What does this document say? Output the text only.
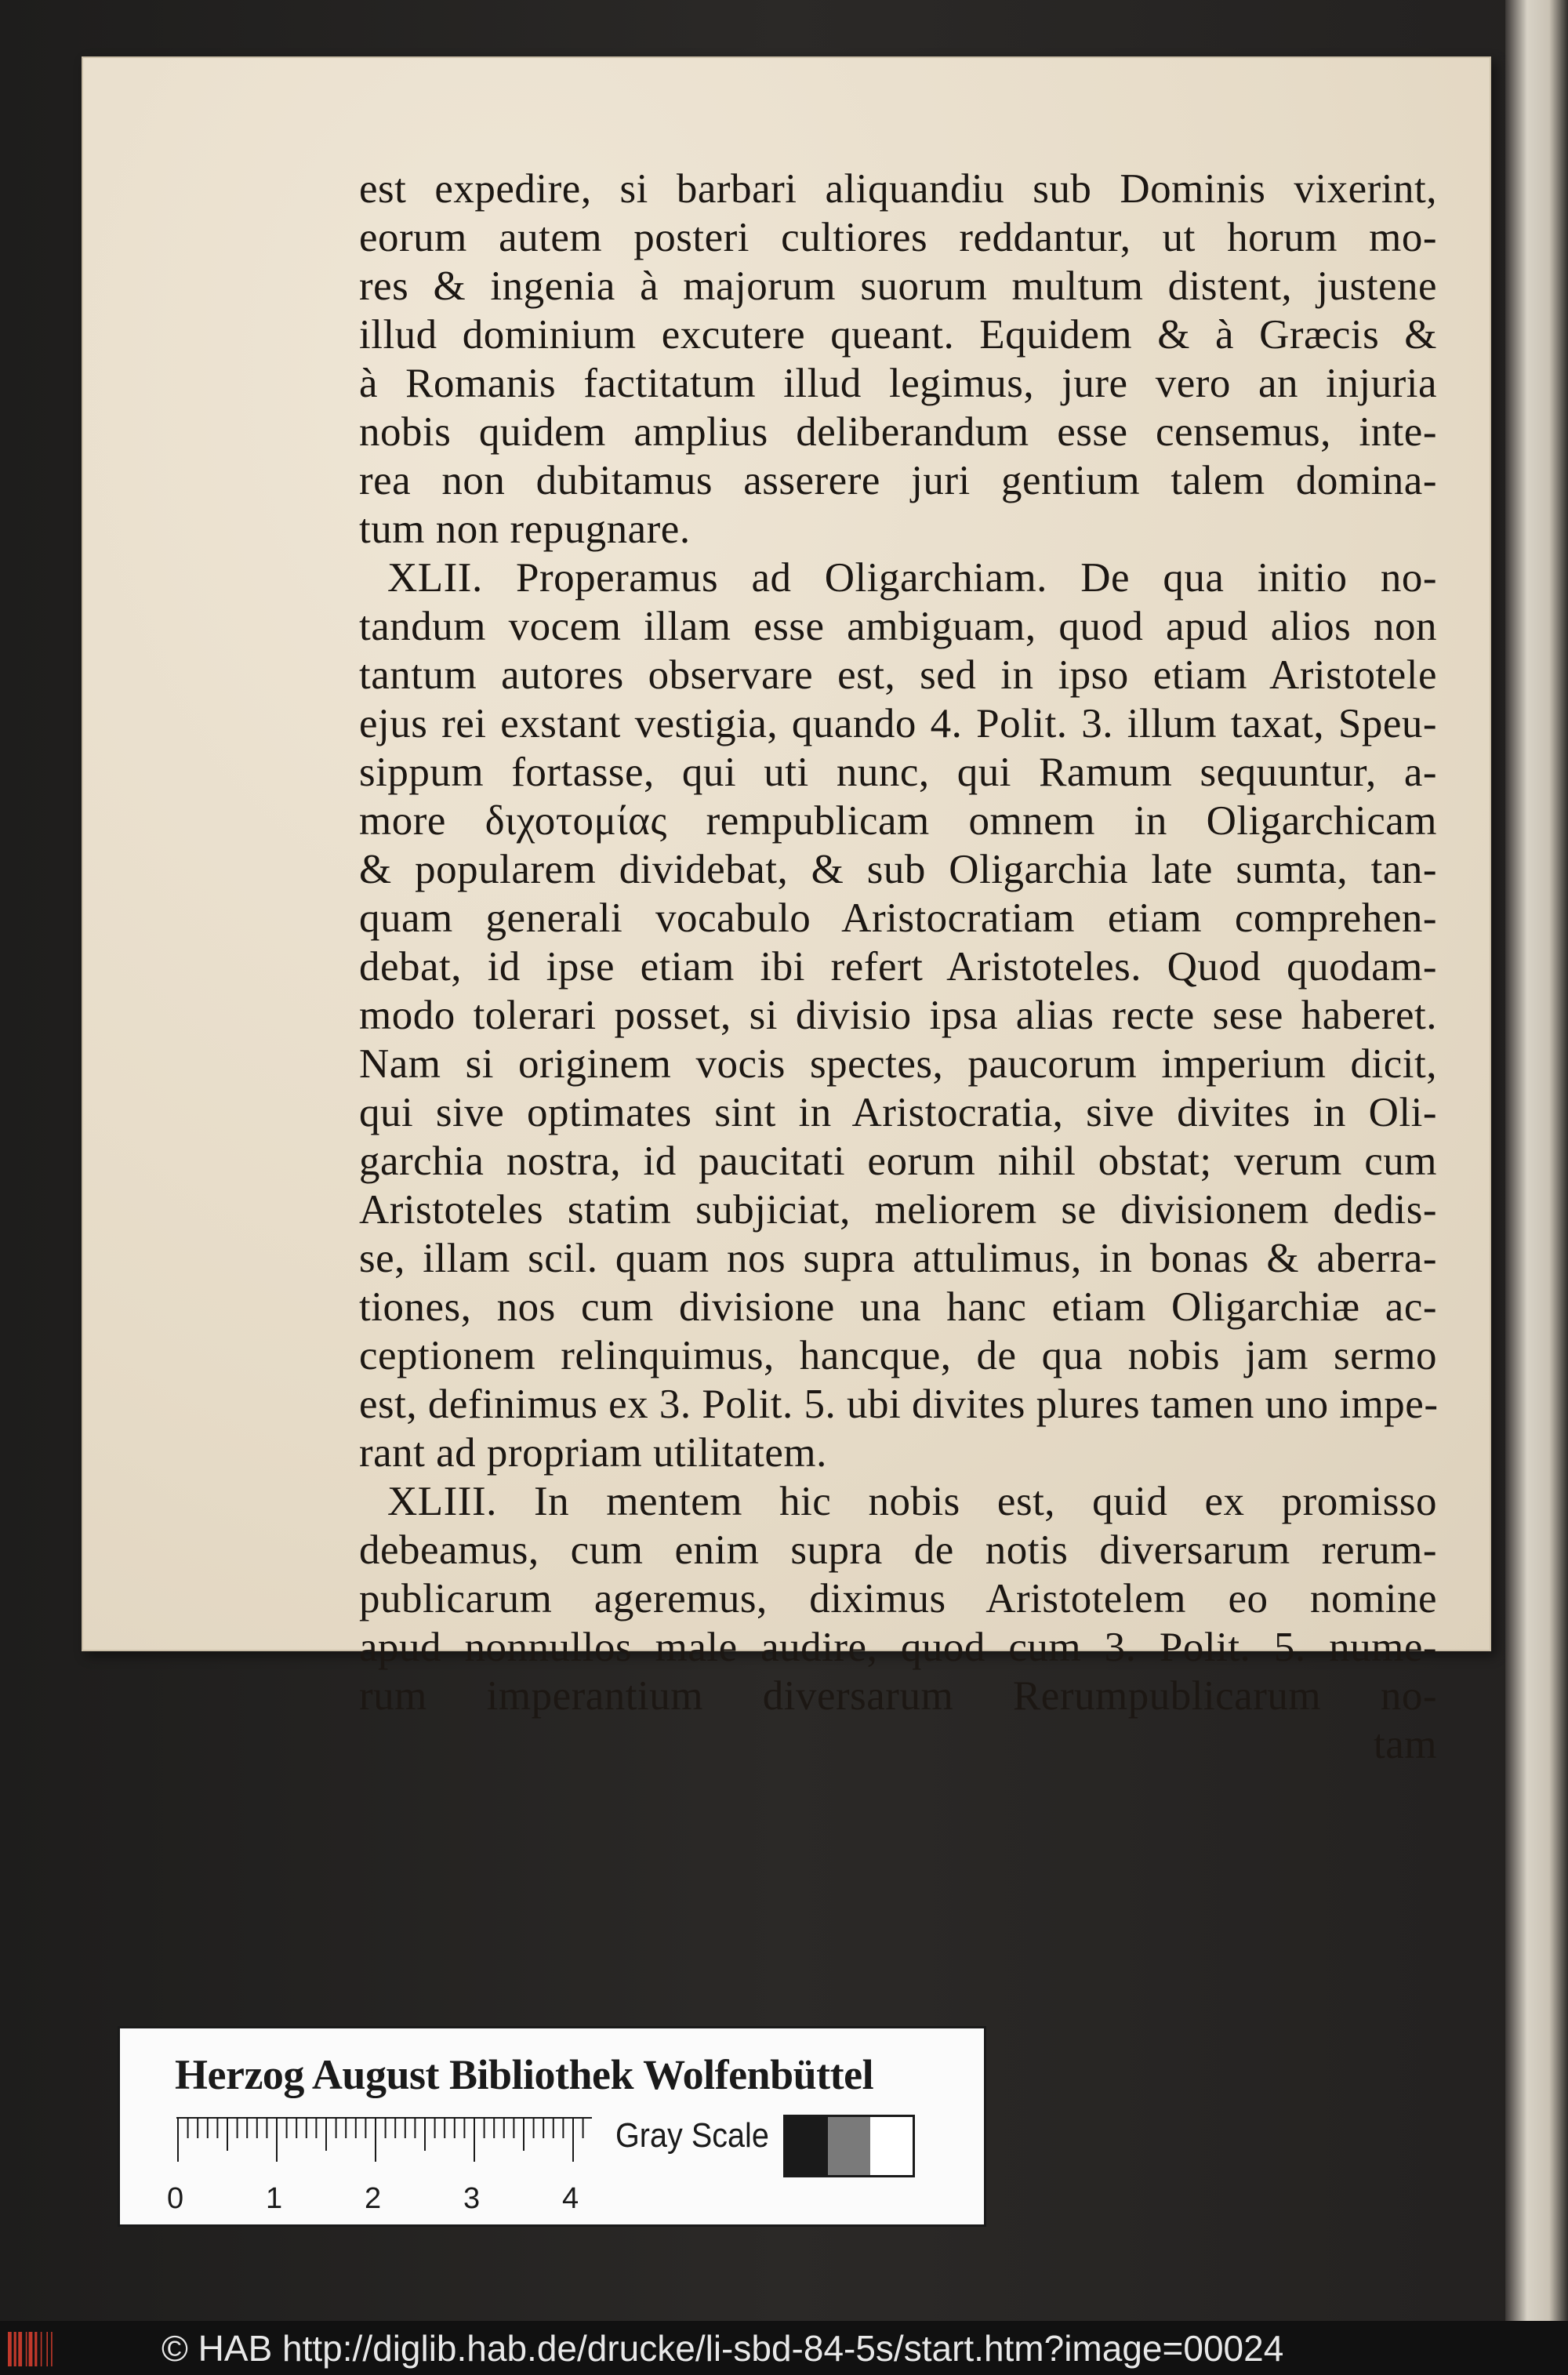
est expedire, si barbari aliquandiu sub Dominis vixerint,
eorum autem posteri cultiores reddantur, ut horum mo-
res & ingenia à majorum suorum multum distent, justene
illud dominium excutere queant. Equidem & à Græcis &
à Romanis factitatum illud legimus, jure vero an injuria
nobis quidem amplius deliberandum esse censemus, inte-
rea non dubitamus asserere juri gentium talem domina-
tum non repugnare.
XLII. Properamus ad Oligarchiam. De qua initio no-
tandum vocem illam esse ambiguam, quod apud alios non
tantum autores observare est, sed in ipso etiam Aristotele
ejus rei exstant vestigia, quando 4. Polit. 3. illum taxat, Speu-
sippum fortasse, qui uti nunc, qui Ramum sequuntur, a-
more διχοτομίας rempublicam omnem in Oligarchicam
& popularem dividebat, & sub Oligarchia late sumta, tan-
quam generali vocabulo Aristocratiam etiam comprehen-
debat, id ipse etiam ibi refert Aristoteles. Quod quodam-
modo tolerari posset, si divisio ipsa alias recte sese haberet.
Nam si originem vocis spectes, paucorum imperium dicit,
qui sive optimates sint in Aristocratia, sive divites in Oli-
garchia nostra, id paucitati eorum nihil obstat; verum cum
Aristoteles statim subjiciat, meliorem se divisionem dedis-
se, illam scil. quam nos supra attulimus, in bonas & aberra-
tiones, nos cum divisione una hanc etiam Oligarchiæ ac-
ceptionem relinquimus, hancque, de qua nobis jam sermo
est, definimus ex 3. Polit. 5. ubi divites plures tamen uno impe-
rant ad propriam utilitatem.
XLIII. In mentem hic nobis est, quid ex promisso
debeamus, cum enim supra de notis diversarum rerum-
publicarum ageremus, diximus Aristotelem eo nomine
apud nonnullos male audire, quod cum 3. Polit. 5. nume-
rum imperantium diversarum Rerumpublicarum no-
tam
Herzog August Bibliothek Wolfenbüttel
0	1	2	3	4
Gray Scale
© HAB http://diglib.hab.de/drucke/li-sbd-84-5s/start.htm?image=00024
